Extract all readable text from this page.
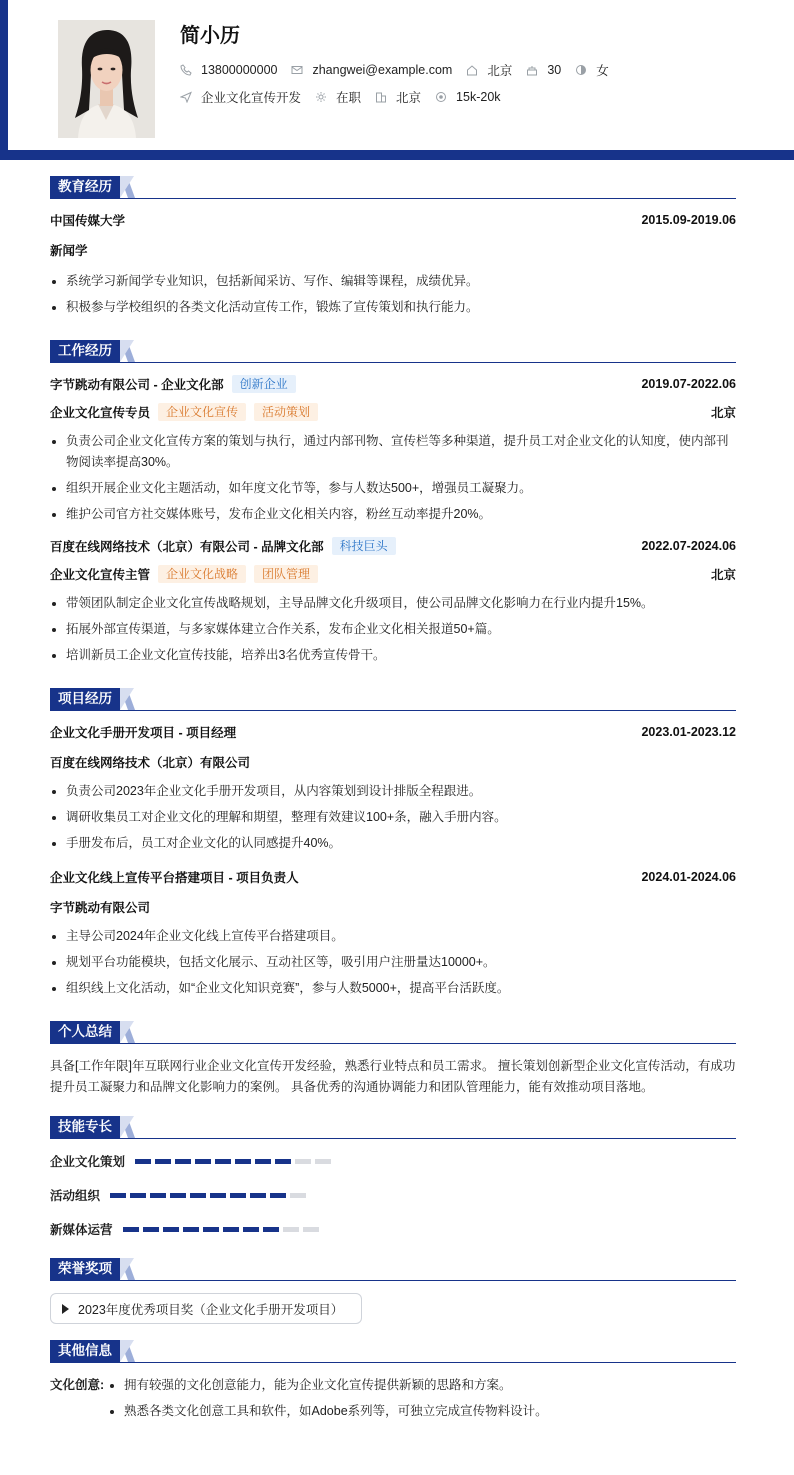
简小历
13800000000	zhangwei@example.com	北京	30	女
企业文化宣传开发	在职	北京	15k-20k
教育经历
中国传媒大学	2015.09-2019.06
新闻学
系统学习新闻学专业知识，包括新闻采访、写作、编辑等课程，成绩优异。
积极参与学校组织的各类文化活动宣传工作，锻炼了宣传策划和执行能力。
工作经历
字节跳动有限公司 - 企业文化部	创新企业	2019.07-2022.06
企业文化宣传专员	企业文化宣传	活动策划	北京
负责公司企业文化宣传方案的策划与执行，通过内部刊物、宣传栏等多种渠道，提升员工对企业文化的认知度，使内部刊物阅读率提高30%。
组织开展企业文化主题活动，如年度文化节等，参与人数达500+，增强员工凝聚力。
维护公司官方社交媒体账号，发布企业文化相关内容，粉丝互动率提升20%。
百度在线网络技术（北京）有限公司 - 品牌文化部	科技巨头	2022.07-2024.06
企业文化宣传主管	企业文化战略	团队管理	北京
带领团队制定企业文化宣传战略规划，主导品牌文化升级项目，使公司品牌文化影响力在行业内提升15%。
拓展外部宣传渠道，与多家媒体建立合作关系，发布企业文化相关报道50+篇。
培训新员工企业文化宣传技能，培养出3名优秀宣传骨干。
项目经历
企业文化手册开发项目 - 项目经理	2023.01-2023.12
百度在线网络技术（北京）有限公司
负责公司2023年企业文化手册开发项目，从内容策划到设计排版全程跟进。
调研收集员工对企业文化的理解和期望，整理有效建议100+条，融入手册内容。
手册发布后，员工对企业文化的认同感提升40%。
企业文化线上宣传平台搭建项目 - 项目负责人	2024.01-2024.06
字节跳动有限公司
主导公司2024年企业文化线上宣传平台搭建项目。
规划平台功能模块，包括文化展示、互动社区等，吸引用户注册量达10000+。
组织线上文化活动，如“企业文化知识竞赛”，参与人数5000+，提高平台活跃度。
个人总结

具备[工作年限]年互联网行业企业文化宣传开发经验，熟悉行业特点和员工需求。 擅长策划创新型企业文化宣传活动，有成功提升员工凝聚力和品牌文化影响力的案例。 具备优秀的沟通协调能力和团队管理能力，能有效推动项目落地。

技能专长
企业文化策划
活动组织
新媒体运营
荣誉奖项
2023年度优秀项目奖（企业文化手册开发项目）
其他信息
文化创意:	拥有较强的文化创意能力，能为企业文化宣传提供新颖的思路和方案。
熟悉各类文化创意工具和软件，如Adobe系列等，可独立完成宣传物料设计。
